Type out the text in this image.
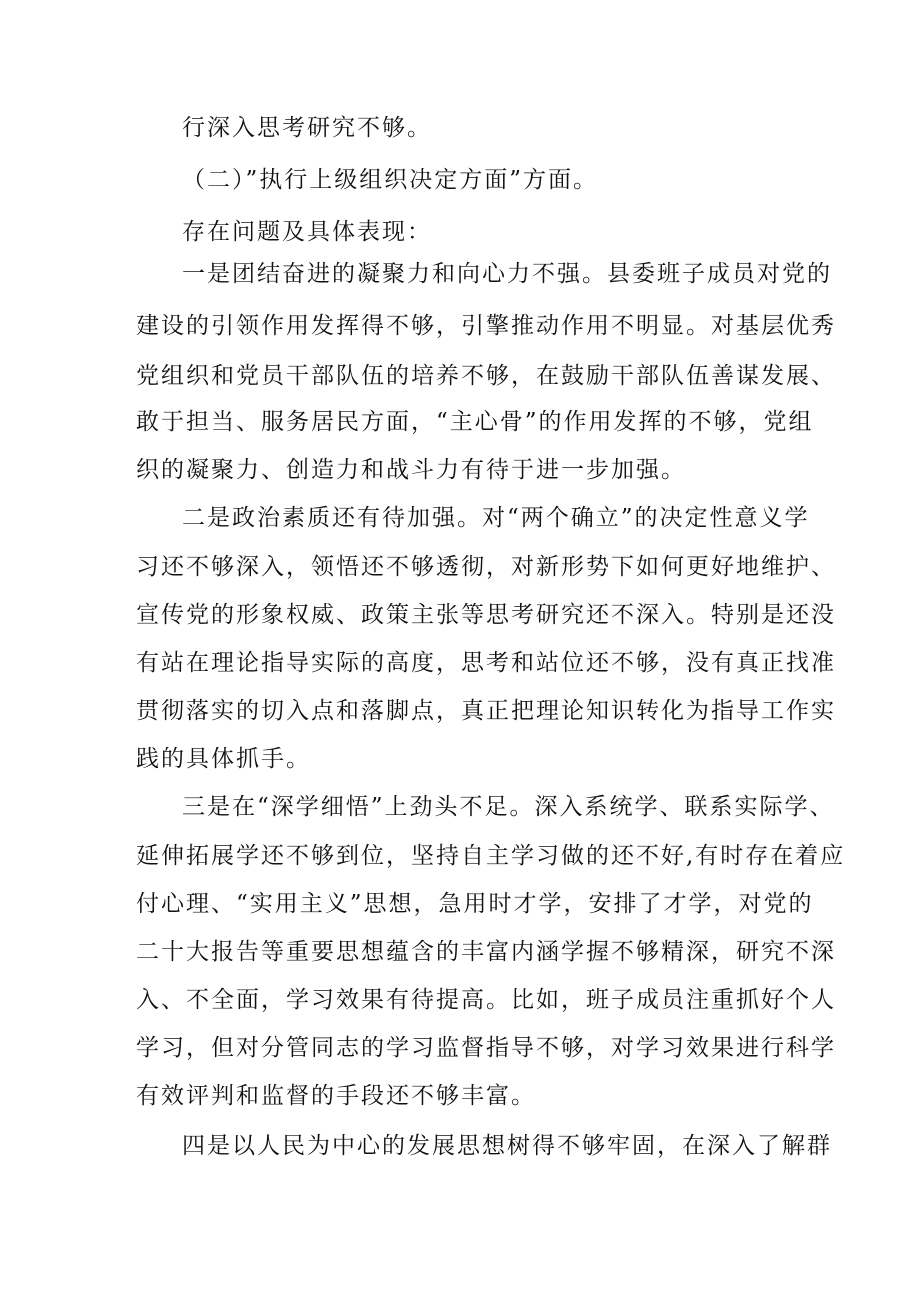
行深入思考研究不够。
（二）”执行上级组织决定方面”方面。
存在问题及具体表现：
一是团结奋进的凝聚力和向心力不强。县委班子成员对党的
建设的引领作用发挥得不够，引擎推动作用不明显。对基层优秀
党组织和党员干部队伍的培养不够，在鼓励干部队伍善谋发展、
敢于担当、服务居民方面，“主心骨”的作用发挥的不够，党组
织的凝聚力、创造力和战斗力有待于进一步加强。
二是政治素质还有待加强。对“两个确立”的决定性意义学
习还不够深入，领悟还不够透彻，对新形势下如何更好地维护、
宣传党的形象权威、政策主张等思考研究还不深入。特别是还没
有站在理论指导实际的高度，思考和站位还不够，没有真正找准
贯彻落实的切入点和落脚点，真正把理论知识转化为指导工作实
践的具体抓手。
三是在“深学细悟”上劲头不足。深入系统学、联系实际学、
延伸拓展学还不够到位，坚持自主学习做的还不好,有时存在着应
付心理、“实用主义”思想，急用时才学，安排了才学，对党的
二十大报告等重要思想蕴含的丰富内涵学握不够精深，研究不深
入、不全面，学习效果有待提高。比如，班子成员注重抓好个人
学习，但对分管同志的学习监督指导不够，对学习效果进行科学
有效评判和监督的手段还不够丰富。
四是以人民为中心的发展思想树得不够牢固，在深入了解群
